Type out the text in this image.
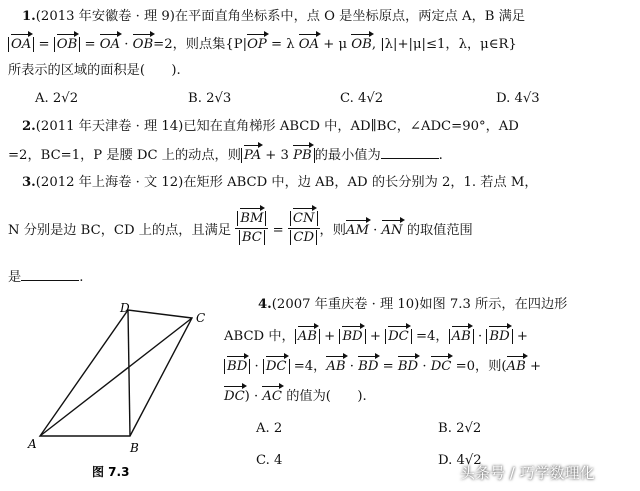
1.(2013 年安徽卷 · 理 9)在平面直角坐标系中，点 O 是坐标原点，两定点 A，B 满足
OA = OB = OA · OB=2，则点集{P|OP = λ OA + μ OB, |λ|+|μ|≤1，λ，μ∈R}
所表示的区域的面积是(　　).
A. 2√2	B. 2√3	C. 4√2	D. 4√3
2.(2011 年天津卷 · 理 14)已知在直角梯形 ABCD 中，AD∥BC，∠ADC=90°，AD
=2，BC=1，P 是腰 DC 上的动点，则 PA + 3 PB 的最小值为	.
3.(2012 年上海卷 · 文 12)在矩形 ABCD 中，边 AB，AD 的长分别为 2，1. 若点 M，
N 分别是边 BC，CD 上的点，且满足 $\frac{BM}{BC} = \frac{CN}{CD}$ ，则AM · AN 的取值范围
是	.
4.(2007 年重庆卷 · 理 10)如图 7.3 所示，在四边形
ABCD 中， AB + BD + DC =4， AB · BD +
BD · DC =4，AB · BD = BD · DC =0，则(AB +
DC) · AC 的值为(　　).
A. 2	B. 2√2
C. 4	D. 4√2
A	B
C
D
图 7.3	头条号 / 巧学数理化
